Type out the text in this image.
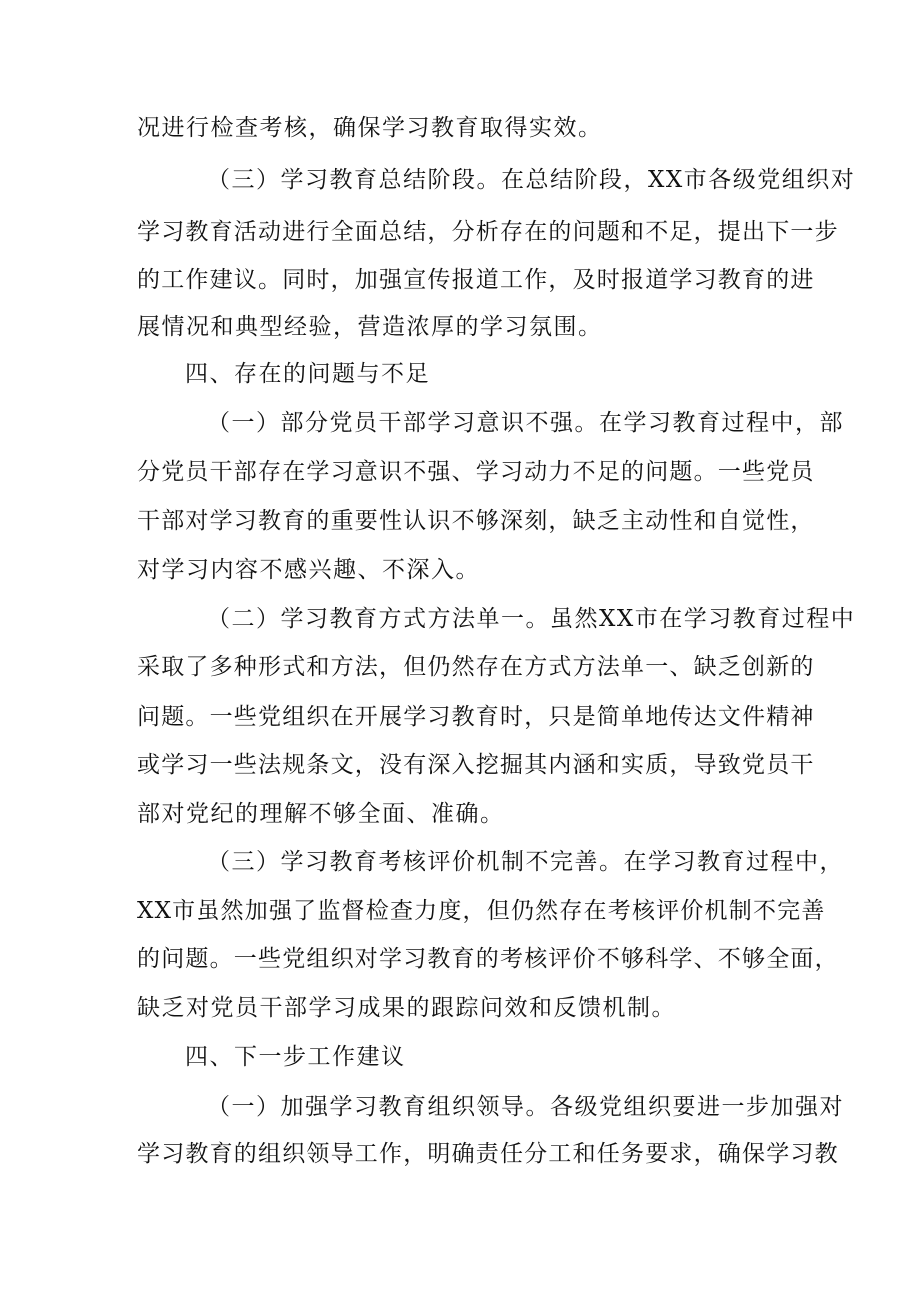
况进行检查考核，确保学习教育取得实效。
（三）学习教育总结阶段。在总结阶段，XX市各级党组织对
学习教育活动进行全面总结，分析存在的问题和不足，提出下一步
的工作建议。同时，加强宣传报道工作，及时报道学习教育的进
展情况和典型经验，营造浓厚的学习氛围。
四、存在的问题与不足
（一）部分党员干部学习意识不强。在学习教育过程中，部
分党员干部存在学习意识不强、学习动力不足的问题。一些党员
干部对学习教育的重要性认识不够深刻，缺乏主动性和自觉性，
对学习内容不感兴趣、不深入。
（二）学习教育方式方法单一。虽然XX市在学习教育过程中
采取了多种形式和方法，但仍然存在方式方法单一、缺乏创新的
问题。一些党组织在开展学习教育时，只是简单地传达文件精神
或学习一些法规条文，没有深入挖掘其内涵和实质，导致党员干
部对党纪的理解不够全面、准确。
（三）学习教育考核评价机制不完善。在学习教育过程中，
XX市虽然加强了监督检查力度，但仍然存在考核评价机制不完善
的问题。一些党组织对学习教育的考核评价不够科学、不够全面，
缺乏对党员干部学习成果的跟踪问效和反馈机制。
四、下一步工作建议
（一）加强学习教育组织领导。各级党组织要进一步加强对
学习教育的组织领导工作，明确责任分工和任务要求，确保学习教
